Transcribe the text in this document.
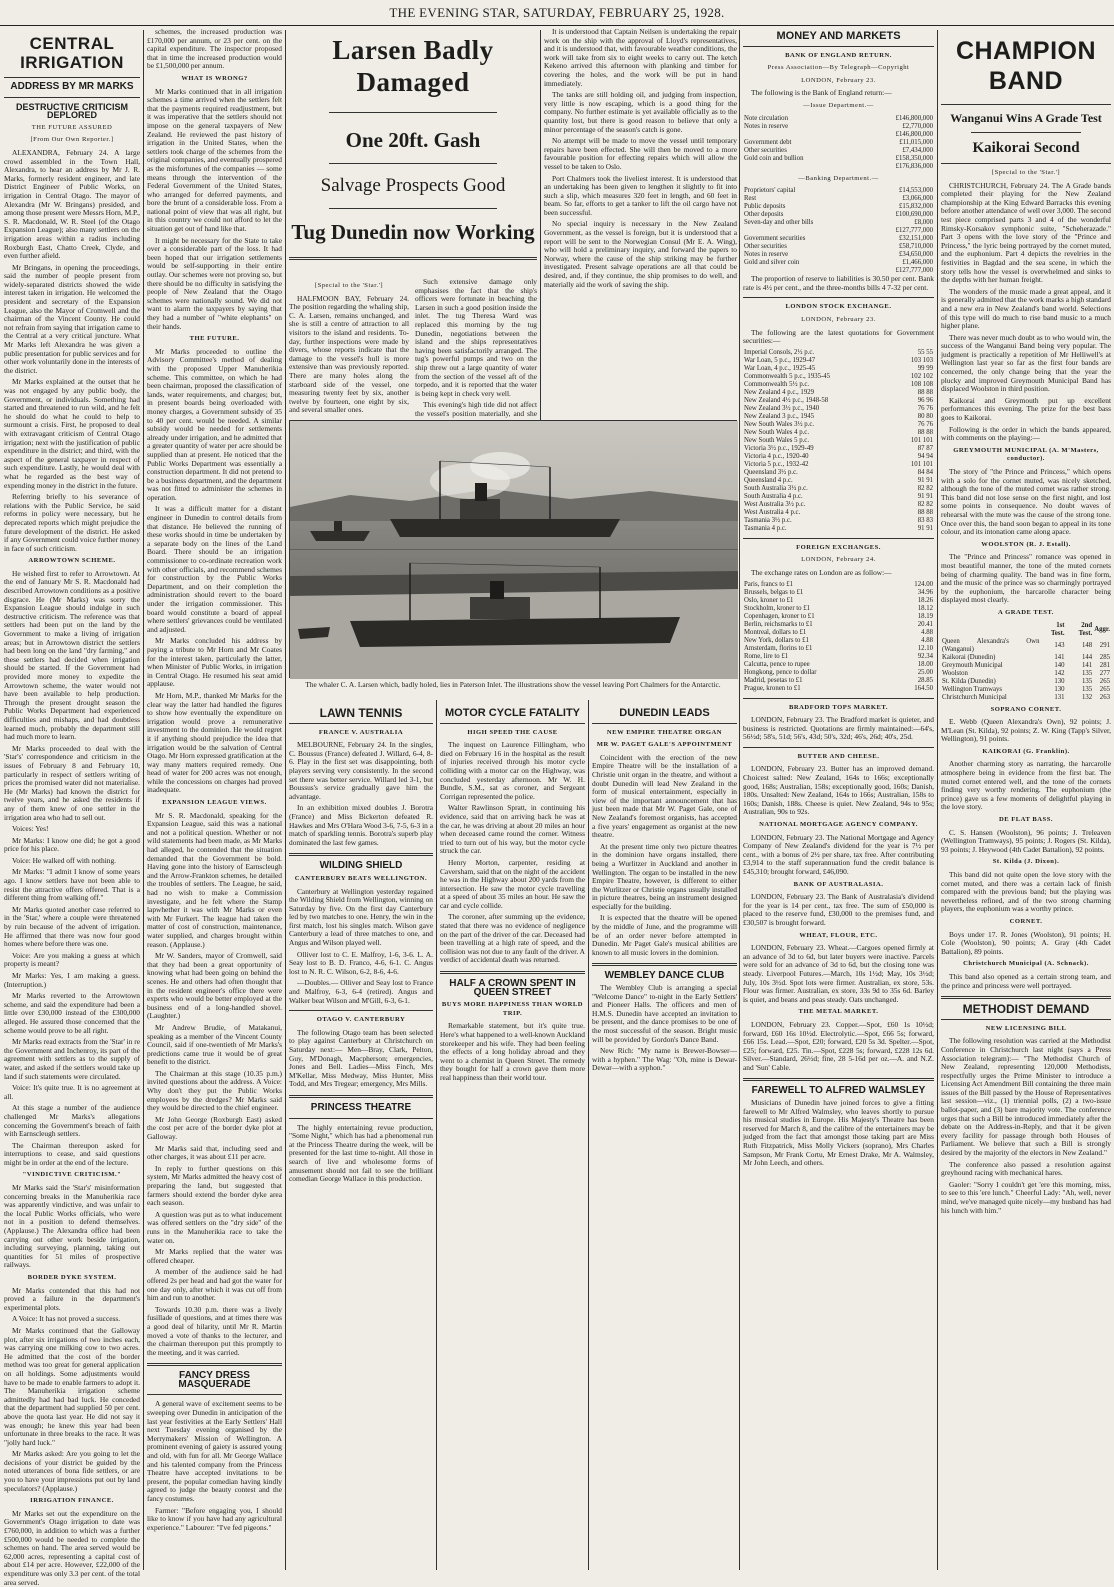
THE EVENING STAR, SATURDAY, FEBRUARY 25, 1928.
CENTRAL IRRIGATION
ADDRESS BY MR MARKS
DESTRUCTIVE CRITICISM DEPLORED
THE FUTURE ASSURED
[From Our Own Reporter.]

ALEXANDRA, February 24. A large crowd assembled in the Town Hall, Alexandra, to hear an address by Mr J. R. Marks, formerly resident engineer, and late District Engineer of Public Works, on irrigation in Central Otago. The mayor of Alexandra (Mr W. Bringans) presided, and among those present were Messrs Horn, M.P., S. R. Macdonald, W. R. Steel (of the Otago Expansion League); also many settlers on the irrigation areas within a radius including Roxburgh East, Chatto Creek, Clyde, and even further afield.

Mr Bringans, in opening the proceedings, said the number of people present from widely-separated districts showed the wide interest taken in irrigation. He welcomed the president and secretary of the Expansion League, also the Mayor of Cromwell and the chairman of the Vincent County. He could not refrain from saying that irrigation came to the Central at a very critical juncture. What Mr Marks left Alexandra he was given a public presentation for public services and for other work voluntarily done in the interests of the district.

Mr Marks explained at the outset that he was not engaged by any public body, the Government, or individuals. Something had started and threatened to run wild, and he felt he should do what he could to help to surmount a crisis. First, he proposed to deal with extravagant criticism of Central Otago irrigation; next with the justification of public expenditure in the district; and third, with the aspect of the general taxpayer in respect of such expenditure. Lastly, he would deal with what he regarded as the best way of expending money in the district in the future.

Referring briefly to his severance of relations with the Public Service, he said reforms in policy were necessary, but he deprecated reports which might prejudice the future development of the district. He asked if any Government could voice further money in face of such criticism.

ARROWTOWN SCHEME.

He wished first to refer to Arrowtown. At the end of January Mr S. R. Macdonald had described Arrowtown conditions as a positive disgrace. He (Mr Marks) was sorry the Expansion League should indulge in such destructive criticism. The reference was that settlers had been put on the land by the Government to make a living of irrigation areas; but in Arrowtown district the settlers had been long on the land "dry farming," and these settlers had decided when irrigation should be started. If the Government had provided more money to expedite the Arrowtown scheme, the water would not have been available to help production. Through the present drought season the Public Works Department had experienced difficulties and mishaps, and had doubtless learned much, probably the department still had much more to learn.

Mr Marks proceeded to deal with the 'Star's' correspondence and criticism in the issues of February 8 and February 10, particularly in respect of settlers writing of prices the promised water did not materialise. He (Mr Marks) had known the district for twelve years, and he asked the residents if any of them knew of one settler in the irrigation area who had to sell out.

Voices: Yes!

Mr Marks: I know one did; he got a good price for his place.

Voice: He walked off with nothing.

Mr Marks: "I admit I know of some years ago. I know settlers have not been able to resist the attractive offers offered. That is a different thing from walking off."

Mr Marks quoted another case referred to in the 'Star,' where a couple were threatened by ruin because of the advent of irrigation. He affirmed that there was now four good homes where before there was one.

Voice: Are you making a guess at which property is meant?

Mr Marks: Yes, I am making a guess. (Interruption.)

Mr Marks reverted to the Arrowtown scheme, and said the expenditure had been a little over £30,000 instead of the £300,000 alleged. He assured those concerned that the scheme would prove to be all right.

Mr Marks read extracts from the 'Star' in re the Government and Inchenroy, its part of the agreement with settlers as to the supply of water, and asked if the settlers would take up land if such statements were circulated.

Voice: It's quite true. It is no agreement at all.

At this stage a number of the audience challenged Mr Marks's allegations concerning the Government's breach of faith with Earnscleugh settlers.

The Chairman thereupon asked for interruptions to cease, and said questions might be in order at the end of the lecture.

"VINDICTIVE CRITICISM."

Mr Marks said the 'Star's' misinformation concerning breaks in the Manuherikia race was apparently vindictive, and was unfair to the local Public Works officials, who were not in a position to defend themselves. (Applause.) The Alexandra office had been carrying out other work beside irrigation, including surveying, planning, taking out quantities for 51 miles of prospective railways.

BORDER DYKE SYSTEM.

Mr Marks contended that this had not proved a failure in the department's experimental plots.

A Voice: It has not proved a success.

Mr Marks continued that the Galloway plot, after six irrigations of two inches each, was carrying one milking cow to two acres. He admitted that the cost of the border method was too great for general application on all holdings. Some adjustments would have to be made to enable farmers to adopt it. The Manuherikia irrigation scheme admittedly had had bad luck. He conceded that the department had supplied 50 per cent. above the quota last year. He did not say it was enough; he knew this year had been unfortunate in three breaks to the race. It was "jolly hard luck."

Mr Marks asked: Are you going to let the decisions of your district be guided by the noted utterances of bona fide settlers, or are you to have your impressions put out by land speculators? (Applause.)

IRRIGATION FINANCE.

Mr Marks set out the expenditure on the Government's Otago irrigation to date was £760,000, in addition to which was a further £500,000 would be needed to complete the schemes on hand. The area served would be 62,000 acres, representing a capital cost of about £14 per acre. However, £22,000 of the expenditure was only 3.3 per cent. of the total area served.

schemes, the increased production was £170,000 per annum, or 23 per cent. on the capital expenditure. The inspector proposed that in time the increased production would be £1,500,000 per annum.

WHAT IS WRONG?

Mr Marks continued that in all irrigation schemes a time arrived when the settlers felt that the payments required readjustment, but it was imperative that the settlers should not impose on the general taxpayers of New Zealand. He reviewed the past history of irrigation in the United States, when the settlers took charge of the schemes from the original companies, and eventually prospered as the misfortunes of the companies — some means through the intervention of the Federal Government of the United States, who arranged for deferred payments, and bore the brunt of a considerable loss. From a national point of view that was all right, but in this country we could not afford to let the situation get out of hand like that.

It might be necessary for the State to take over a considerable part of the loss. It had been hoped that our irrigation settlements would be self-supporting in their entire outlay. Our schemes were not proving so, but there should be no difficulty in satisfying the people of New Zealand that the Otago schemes were nationally sound. We did not want to alarm the taxpayers by saying that they had a number of "white elephants" on their hands.

THE FUTURE.

Mr Marks proceeded to outline the Advisory Committee's method of dealing with the proposed Upper Manuherikia scheme. This committee, on which he had been chairman, proposed the classification of lands, water requirements, and charges; but, in present boards being overloaded with money charges, a Government subsidy of 35 to 40 per cent. would be needed. A similar subsidy would be needed for settlements already under irrigation, and he admitted that a greater quantity of water per acre should be supplied than at present. He noticed that the Public Works Department was essentially a construction department. It did not pretend to be a business department, and the department was not fitted to administer the schemes in operation.

It was a difficult matter for a distant engineer in Dunedin to control details from that distance. He believed the running of these works should in time be undertaken by a separate body on the lines of the Land Board. There should be an irrigation commissioner to co-ordinate recreation work with other officials, and recommend schemes for construction by the Public Works Department, and on their completion the administration should revert to the board under the irrigation commissioner. This board would constitute a board of appeal where settlers' grievances could be ventilated and adjusted.

Mr Marks concluded his address by paying a tribute to Mr Horn and Mr Coates for the interest taken, particularly the latter, when Minister of Public Works, in irrigation in Central Otago. He resumed his seat amid applause.

Mr Horn, M.P., thanked Mr Marks for the clear way the latter had handled the figures to show how eventually the expenditure on irrigation would prove a remunerative investment to the dominion. He would regret it if anything should prejudice the idea that irrigation would be the salvation of Central Otago. Mr Horn expressed gratification at the way many matters required remedy. One head of water for 200 acres was not enough, while the concessions on charges had proved inadequate.

EXPANSION LEAGUE VIEWS.

Mr S. R. Macdonald, speaking for the Expansion League, said this was a national and not a political question. Whether or not wild statements had been made, as Mr Marks had alleged, he contended that the situation demanded that the Government be bold. Having gone into the history of Earnscleugh and the Arrow-Frankton schemes, he detailed the troubles of settlers. The League, he said, had no wish to make a Commission investigate, and he felt where the Stamp lapwhether it was with Mr Marks or even with Mr Furkert. The league had taken the matter of cost of construction, maintenance, water supplied, and charges brought within reason. (Applause.)

Mr W. Sanders, mayor of Cromwell, said that they had been a great opportunity of knowing what had been going on behind the scenes. He and others had often thought that in the resident engineer's office there were experts who would be better employed at the business end of a long-handled shovel. (Laughter.)

Mr Andrew Brudie, of Matakanui, speaking as a member of the Vincent County Council, said if one-twentieth of Mr Marks's predictions came true it would be of great benefit to the district.

The Chairman at this stage (10.35 p.m.) invited questions about the address. A Voice: Why don't they put the Public Works employees by the dredges? Mr Marks said they would be directed to the chief engineer.

Mr John George (Roxburgh East) asked the cost per acre of the border dyke plot at Galloway.

Mr Marks said that, including seed and other charges, it was about £11 per acre.

In reply to further questions on this system, Mr Marks admitted the heavy cost of preparing the land, but suggested that farmers should extend the border dyke area each season.

A question was put as to what inducement was offered settlers on the "dry side" of the runs in the Manuherikia race to take the water on.

Mr Marks replied that the water was offered cheaper.

A member of the audience said he had offered 2s per head and had got the water for one day only, after which it was cut off from him and run to another.

Towards 10.30 p.m. there was a lively fusillade of questions, and at times there was a good deal of hilarity, until Mr R. Martin moved a vote of thanks to the lecturer, and the chairman thereupon put this promptly to the meeting, and it was carried.

FANCY DRESS MASQUERADE

A general wave of excitement seems to be sweeping over Dunedin in anticipation of the last year festivities at the Early Settlers' Hall next Tuesday evening organised by the Merrymakers' Mission of Wellington. A prominent evening of gaiety is assured young and old, with fun for all. Mr George Wallace and his talented company from the Princess Theatre have accepted invitations to be present, the popular comedian having kindly agreed to judge the beauty contest and the fancy costumes.

Farmer: "Before engaging you, I should like to know if you have had any agricultural experience." Labourer: "I've fed pigeons."

Larsen Badly Damaged
One 20ft. Gash
Salvage Prospects Good
Tug Dunedin now Working
[Special to the 'Star.']

HALFMOON BAY, February 24. The position regarding the whaling ship, C. A. Larsen, remains unchanged, and she is still a centre of attraction to all visitors to the island and residents. To-day, further inspections were made by divers, whose reports indicate that the damage to the vessel's hull is more extensive than was previously reported. There are many holes along the starboard side of the vessel, one measuring twenty feet by six, another twelve by fourteen, one eight by six, and several smaller ones.

Such extensive damage only emphasises the fact that the ship's officers were fortunate in beaching the Larsen in such a good position inside the inlet. The tug Theresa Ward was replaced this morning by the tug Dunedin, negotiations between the island and the ships representatives having been satisfactorily arranged. The tug's powerful pumps and two on the ship threw out a large quantity of water from the section of the vessel aft of the torpedo, and it is reported that the water is being kept in check very well.

This evening's high tide did not affect the vessel's position materially, and she

It is understood that Captain Neilsen is undertaking the repair work on the ship with the approval of Lloyd's representatives, and it is understood that, with favourable weather conditions, the work will take from six to eight weeks to carry out. The ketch Kekeno arrived this afternoon with planking and timber for covering the holes, and the work will be put in hand immediately.

The tanks are still holding oil, and judging from inspection, very little is now escaping, which is a good thing for the company. No further estimate is yet available officially as to the quantity lost, but there is good reason to believe that only a minor percentage of the season's catch is gone.

No attempt will be made to move the vessel until temporary repairs have been effected. She will then be moved to a more favourable position for effecting repairs which will allow the vessel to be taken to Oslo.

Port Chalmers took the liveliest interest. It is understood that an undertaking has been given to lengthen it slightly to fit into such a slip, which measures 320 feet in length, and 60 feet in beam. So far, efforts to get a tanker to lift the oil cargo have not been successful.

No special inquiry is necessary in the New Zealand Government, as the vessel is foreign, but it is understood that a report will be sent to the Norwegian Consul (Mr E. A. Wing), who will hold a preliminary inquiry, and forward the papers to Norway, where the cause of the ship striking may be further investigated. Present salvage operations are all that could be desired, and, if they continue, the ship promises to do well, and materially aid the work of saving the ship.

The whaler C. A. Larsen which, badly holed, lies in Paterson Inlet. The illustrations show the vessel leaving Port Chalmers for the Antarctic.
LAWN TENNIS
FRANCE V. AUSTRALIA

MELBOURNE, February 24. In the singles, C. Boussus (France) defeated J. Willard, 6-4, 8-6. Play in the first set was disappointing, both players serving very consistently. In the second set there was better service. Willard led 3-1, but Boussus's service gradually gave him the advantage.

In an exhibition mixed doubles J. Borotra (France) and Miss Bickerton defeated R. Hawkes and Mrs O'Hara Wood 3-6, 7-5, 6-3 in a match of sparkling tennis. Borotra's superb play dominated the last few games.

WILDING SHIELD
CANTERBURY BEATS WELLINGTON.

Canterbury at Wellington yesterday regained the Wilding Shield from Wellington, winning on Saturday by five. On the first day Canterbury led by two matches to one. Henry, the win in the first match, lost his singles match. Wilson gave Canterbury a lead of three matches to one, and Angus and Wilson played well.

Olliver lost to C. E. Malfroy, 1-6, 3-6. L. A. Seay lost to B. D. Franco, 4-6, 6-1. C. Angus lost to N. R. C. Wilson, 6-2, 8-6, 4-6.

—Doubles.— Olliver and Seay lost to France and Malfroy, 6-3, 6-4 (retired). Angus and Walker beat Wilson and M'Gill, 6-3, 6-1.

OTAGO V. CANTERBURY

The following Otago team has been selected to play against Canterbury at Christchurch on Saturday next:— Men—Bray, Clark, Pelton, Guy, M'Donagh, Macpherson; emergencies, Jones and Bell. Ladies—Miss Finch, Mrs M'Kellar, Miss Medway, Miss Hunter, Miss Todd, and Mrs Tregear; emergency, Mrs Mills.

PRINCESS THEATRE

The highly entertaining revue production, "Some Night," which has had a phenomenal run at the Princess Theatre during the week, will be presented for the last time to-night. All those in search of live and wholesome forms of amusement should not fail to see the brilliant comedian George Wallace in this production.

MOTOR CYCLE FATALITY
HIGH SPEED THE CAUSE

The inquest on Laurence Fillingham, who died on February 16 in the hospital as the result of injuries received through his motor cycle colliding with a motor car on the Highway, was concluded yesterday afternoon. Mr W. H. Bundle, S.M., sat as coroner, and Sergeant Corrigan represented the police.

Walter Rawlinson Spratt, in continuing his evidence, said that on arriving back he was at the car, he was driving at about 20 miles an hour when deceased came round the corner. Witness tried to turn out of his way, but the motor cycle struck the car.

Henry Morton, carpenter, residing at Caversham, said that on the night of the accident he was in the Highway about 200 yards from the intersection. He saw the motor cycle travelling at a speed of about 35 miles an hour. He saw the car and cycle collide.

The coroner, after summing up the evidence, stated that there was no evidence of negligence on the part of the driver of the car. Deceased had been travelling at a high rate of speed, and the collision was not due to any fault of the driver. A verdict of accidental death was returned.

HALF A CROWN SPENT IN QUEEN STREET
BUYS MORE HAPPINESS THAN WORLD TRIP.

Remarkable statement, but it's quite true. Here's what happened to a well-known Auckland storekeeper and his wife. They had been feeling the effects of a long holiday abroad and they went to a chemist in Queen Street. The remedy they bought for half a crown gave them more real happiness than their world tour.

DUNEDIN LEADS
NEW EMPIRE THEATRE ORGAN
MR W. PAGET GALE'S APPOINTMENT

Coincident with the erection of the new Empire Theatre will be the installation of a Christie unit organ in the theatre, and without a doubt Dunedin will lead New Zealand in the form of musical entertainment, especially in view of the important announcement that has just been made that Mr W. Paget Gale, one of New Zealand's foremost organists, has accepted a five years' engagement as organist at the new theatre.

At the present time only two picture theatres in the dominion have organs installed, there being a Wurlitzer in Auckland and another in Wellington. The organ to be installed in the new Empire Theatre, however, is different to either the Wurlitzer or Christie organs usually installed in picture theatres, being an instrument designed especially for the building.

It is expected that the theatre will be opened by the middle of June, and the programme will be of an order never before attempted in Dunedin. Mr Paget Gale's musical abilities are known to all music lovers in the dominion.

WEMBLEY DANCE CLUB

The Wembley Club is arranging a special "Welcome Dance" to-night in the Early Settlers' and Pioneer Halls. The officers and men of H.M.S. Dunedin have accepted an invitation to be present, and the dance promises to be one of the most successful of the season. Bright music will be provided by Gordon's Dance Band.

New Rich: "My name is Brewer-Bowser—with a hyphen." The Wag: "Oh, mine is Dewar-Dewar—with a syphon."

MONEY AND MARKETS
BANK OF ENGLAND RETURN.
Press Association—By Telegraph—Copyright
LONDON, February 23.

The following is the Bank of England return:—

—Issue Department.—
Note circulation	£146,800,000
Notes in reserve	£2,770,000
	£146,800,000
Government debt	£11,015,000
Other securities	£7,434,000
Gold coin and bullion	£158,350,000
	£176,836,000
—Banking Department.—
Proprietors' capital	£14,553,000
Rest	£3,066,000
Public deposits	£15,832,000
Other deposits	£100,690,000
Seven-day and other bills	£8,000
	£127,777,000
Government securities	£32,151,000
Other securities	£58,710,000
Notes in reserve	£34,650,000
Gold and silver coin	£1,466,000
	£127,777,000

The proportion of reserve to liabilities is 30.50 per cent. Bank rate is 4½ per cent., and the three-months bills 4 7-32 per cent.

LONDON STOCK EXCHANGE.
LONDON, February 23.

The following are the latest quotations for Government securities:—

Imperial Consols, 2½ p.c.	55 55
War Loan, 5 p.c., 1929-47	103 103
War Loan, 4 p.c., 1925-45	99 99
Commonwealth 5 p.c., 1935-45	102 102
Commonwealth 5½ p.c.	108 108
New Zealand 4 p.c., 1929	88 88
New Zealand 4½ p.c., 1948-58	96 96
New Zealand 3½ p.c., 1940	76 76
New Zealand 3 p.c., 1945	80 80
New South Wales 3½ p.c.	76 76
New South Wales 4 p.c.	88 88
New South Wales 5 p.c.	101 101
Victoria 3½ p.c., 1929-49	87 87
Victoria 4 p.c., 1920-40	94 94
Victoria 5 p.c., 1932-42	101 101
Queensland 3½ p.c.	84 84
Queensland 4 p.c.	91 91
South Australia 3½ p.c.	82 82
South Australia 4 p.c.	91 91
West Australia 3½ p.c.	82 82
West Australia 4 p.c.	88 88
Tasmania 3½ p.c.	83 83
Tasmania 4 p.c.	91 91
FOREIGN EXCHANGES.
LONDON, February 24.

The exchange rates on London are as follow:—

Paris, francs to £1	124.00
Brussels, belgas to £1	34.96
Oslo, kroner to £1	18.26
Stockholm, kroner to £1	18.12
Copenhagen, kroner to £1	18.19
Berlin, reichsmarks to £1	20.41
Montreal, dollars to £1	4.88
New York, dollars to £1	4.88
Amsterdam, florins to £1	12.10
Rome, lire to £1	92.34
Calcutta, pence to rupee	18.00
Hongkong, pence to dollar	25.00
Madrid, pesetas to £1	28.85
Prague, kronen to £1	164.50
BRADFORD TOPS MARKET.

LONDON, February 23. The Bradford market is quieter, and business is restricted. Quotations are firmly maintained:—64's, 56½d; 58's, 51d; 56's, 43d; 50's, 32d; 46's, 26d; 40's, 25d.

BUTTER AND CHEESE.

LONDON, February 23. Butter has an improved demand. Choicest salted: New Zealand, 164s to 166s; exceptionally good, 168s; Australian, 158s; exceptionally good, 160s; Danish, 180s. Unsalted: New Zealand, 164s to 166s; Australian, 158s to 160s; Danish, 188s. Cheese is quiet. New Zealand, 94s to 95s; Australian, 90s to 92s.

NATIONAL MORTGAGE AGENCY COMPANY.

LONDON, February 23. The National Mortgage and Agency Company of New Zealand's dividend for the year is 7½ per cent., with a bonus of 2½ per share, tax free. After contributing £3,914 to the staff superannuation fund the credit balance is £45,310; brought forward, £46,090.

BANK OF AUSTRALASIA.

LONDON, February 23. The Bank of Australasia's dividend for the year is 14 per cent., tax free. The sum of £50,000 is placed to the reserve fund, £30,000 to the premises fund, and £30,507 is brought forward.

WHEAT, FLOUR, ETC.

LONDON, February 23. Wheat.—Cargoes opened firmly at an advance of 3d to 6d, but later buyers were inactive. Parcels were sold for an advance of 3d to 6d, but the closing tone was steady. Liverpool Futures.—March, 10s 1½d; May, 10s 3½d; July, 10s 3½d. Spot lots were firmer. Australian, ex store, 53s. Flour was firmer. Australian, ex store, 33s 9d to 35s 6d. Barley is quiet, and beans and peas steady. Oats unchanged.

THE METAL MARKET.

LONDON, February 23. Copper.—Spot, £60 1s 10½d; forward, £60 16s 10½d. Electrolytic.—Spot, £66 5s; forward, £66 15s. Lead.—Spot, £20; forward, £20 5s 3d. Spelter.—Spot, £25; forward, £25. Tin.—Spot, £228 5s; forward, £228 12s 6d. Silver.—Standard, 26½d; fine, 28 5-16d per oz.—A. and N.Z. and 'Sun' Cable.

FAREWELL TO ALFRED WALMSLEY

Musicians of Dunedin have joined forces to give a fitting farewell to Mr Alfred Walmsley, who leaves shortly to pursue his musical studies in Europe. His Majesty's Theatre has been reserved for March 8, and the calibre of the entertainers may be judged from the fact that amongst those taking part are Miss Ruth Fitzpatrick, Miss Molly Vickers (soprano), Mrs Charles Sampson, Mr Frank Cortu, Mr Ernest Drake, Mr A. Walmsley, Mr John Leech, and others.

CHAMPION BAND
Wanganui Wins A Grade Test
Kaikorai Second
[Special to the 'Star.']

CHRISTCHURCH, February 24. The A Grade bands completed their playing for the New Zealand championship at the King Edward Barracks this evening before another attendance of well over 3,000. The second test piece comprised parts 3 and 4 of the wonderful Rimsky-Korsakov symphonic suite, "Scheherazade." Part 3 opens with the love story of the "Prince and Princess," the lyric being portrayed by the cornet muted, and the euphonium. Part 4 depicts the revelries in the festivities in Bagdad and the sea scene, in which the story tells how the vessel is overwhelmed and sinks to the depths with her human freight.

The wonders of the music made a great appeal, and it is generally admitted that the work marks a high standard and a new era in New Zealand's band world. Selections of this type will do much to rise band music to a much higher plane.

There was never much doubt as to who would win, the success of the Wanganui Band being very popular. The judgment is practically a repetition of Mr Helliwell's at Wellington last year so far as the first four bands are concerned, the only change being that the year the plucky and improved Greymouth Municipal Band has displaced Woolston in third position.

Kaikorai and Greymouth put up excellent performances this evening. The prize for the best bass goes to Kaikorai.

Following is the order in which the bands appeared, with comments on the playing:—

GREYMOUTH MUNICIPAL (A. M'Masters, conductor).

The story of "the Prince and Princess," which opens with a solo for the cornet muted, was nicely sketched, although the tone of the muted cornet was rather strong. This band did not lose sense on the first night, and lost some points in consequence. No doubt waves of rehearsal with the mute was the cause of the strong tone. Once over this, the band soon began to appeal in its tone colour, and its intonation came along apace.

WOOLSTON (R. J. Estall).

The "Prince and Princess" romance was opened in most beautiful manner, the tone of the muted cornets being of charming quality. The band was in fine form, and the music of the prince was so charmingly portrayed by the euphonium, the harcarolle character being displayed most clearly.

A GRADE TEST.
	1st Test.	2nd Test.	Aggr.
Queen Alexandra's Own (Wanganui)	143	148	291
Kaikorai (Dunedin)	141	144	285
Greymouth Municipal	140	141	281
Woolston	142	135	277
St. Kilda (Dunedin)	130	135	265
Wellington Tramways	130	135	265
Christchurch Municipal	131	132	263
SOPRANO CORNET.

E. Webb (Queen Alexandra's Own), 92 points; J. M'Lean (St. Kilda), 92 points; Z. W. King (Tapp's Silver, Wellington), 91 points.

KAIKORAI (G. Franklin).

Another charming story as narrating, the harcarolle atmosphere being in evidence from the first bar. The muted cornet entered well, and the tone of the cornets finding very worthy rendering. The euphonium (the prince) gave us a few moments of delightful playing in the love story.

DE FLAT BASS.

C. S. Hansen (Woolston), 96 points; J. Treleaven (Wellington Tramways), 95 points; J. Rogers (St. Kilda), 93 points; J. Heywood (4th Cadet Battalion), 92 points.

St. Kilda (J. Dixon).

This band did not quite open the love story with the cornet muted, and there was a certain lack of finish compared with the previous band; but the playing was nevertheless refined, and of the two strong charming players, the euphonium was a worthy prince.

CORNET.

Boys under 17. R. Jones (Woolston), 91 points; H. Cole (Woolston), 90 points; A. Gray (4th Cadet Battalion), 89 points.

Christchurch Municipal (A. Schnack).

This band also opened as a certain strong team, and the prince and princess were well portrayed.

METHODIST DEMAND
NEW LICENSING BILL

The following resolution was carried at the Methodist Conference in Christchurch last night (says a Press Association telegram):— "The Methodist Church of New Zealand, representing 120,000 Methodists, respectfully urges the Prime Minister to introduce a Licensing Act Amendment Bill containing the three main issues of the Bill passed by the House of Representatives last session—viz., (1) triennial polls, (2) a two-issue ballot-paper, and (3) bare majority vote. The conference urges that such a Bill be introduced immediately after the debate on the Address-in-Reply, and that it be given every facility for passage through both Houses of Parliament. We believe that such a Bill is strongly desired by the majority of the electors in New Zealand."

The conference also passed a resolution against greyhound racing with mechanical hares.

Gaoler: "Sorry I couldn't get 'ere this morning, miss, to see to this 'ere lunch." Cheerful Lady: "Ah, well, never mind, we've managed quite nicely—my husband has had his lunch with him."
